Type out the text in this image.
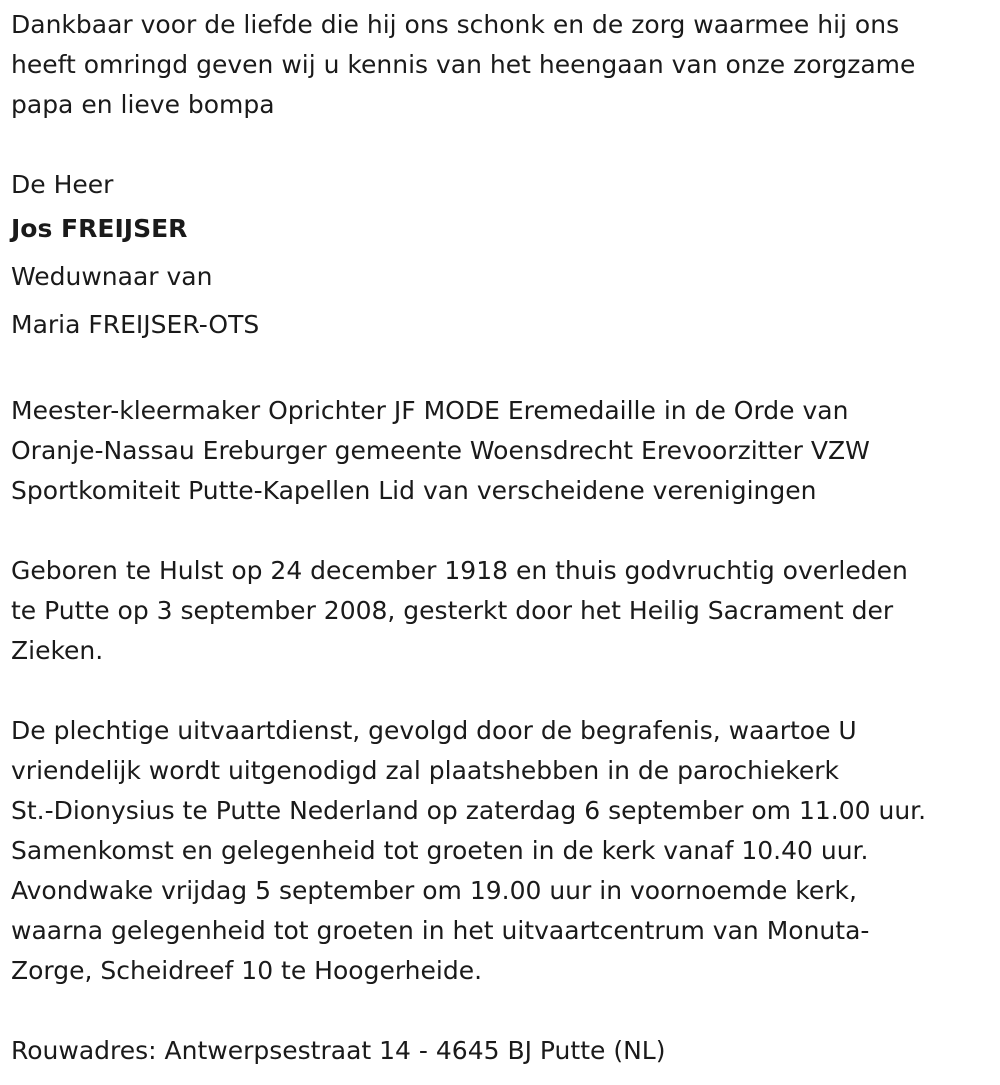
Dankbaar voor de liefde die hij ons schonk en de zorg waarmee hij ons
heeft omringd geven wij u kennis van het heengaan van onze zorgzame
papa en lieve bompa
De Heer
Jos FREIJSER
Weduwnaar van
Maria FREIJSER-OTS
Meester-kleermaker Oprichter JF MODE Eremedaille in de Orde van
Oranje-Nassau Ereburger gemeente Woensdrecht Erevoorzitter VZW
Sportkomiteit Putte-Kapellen Lid van verscheidene verenigingen
Geboren te Hulst op 24 december 1918 en thuis godvruchtig overleden
te Putte op 3 september 2008, gesterkt door het Heilig Sacrament der
Zieken.
De plechtige uitvaartdienst, gevolgd door de begrafenis, waartoe U
vriendelijk wordt uitgenodigd zal plaatshebben in de parochiekerk
St.-Dionysius te Putte Nederland op zaterdag 6 september om 11.00 uur.
Samenkomst en gelegenheid tot groeten in de kerk vanaf 10.40 uur.
Avondwake vrijdag 5 september om 19.00 uur in voornoemde kerk,
waarna gelegenheid tot groeten in het uitvaartcentrum van Monuta-
Zorge, Scheidreef 10 te Hoogerheide.
Rouwadres: Antwerpsestraat 14 - 4645 BJ Putte (NL)
